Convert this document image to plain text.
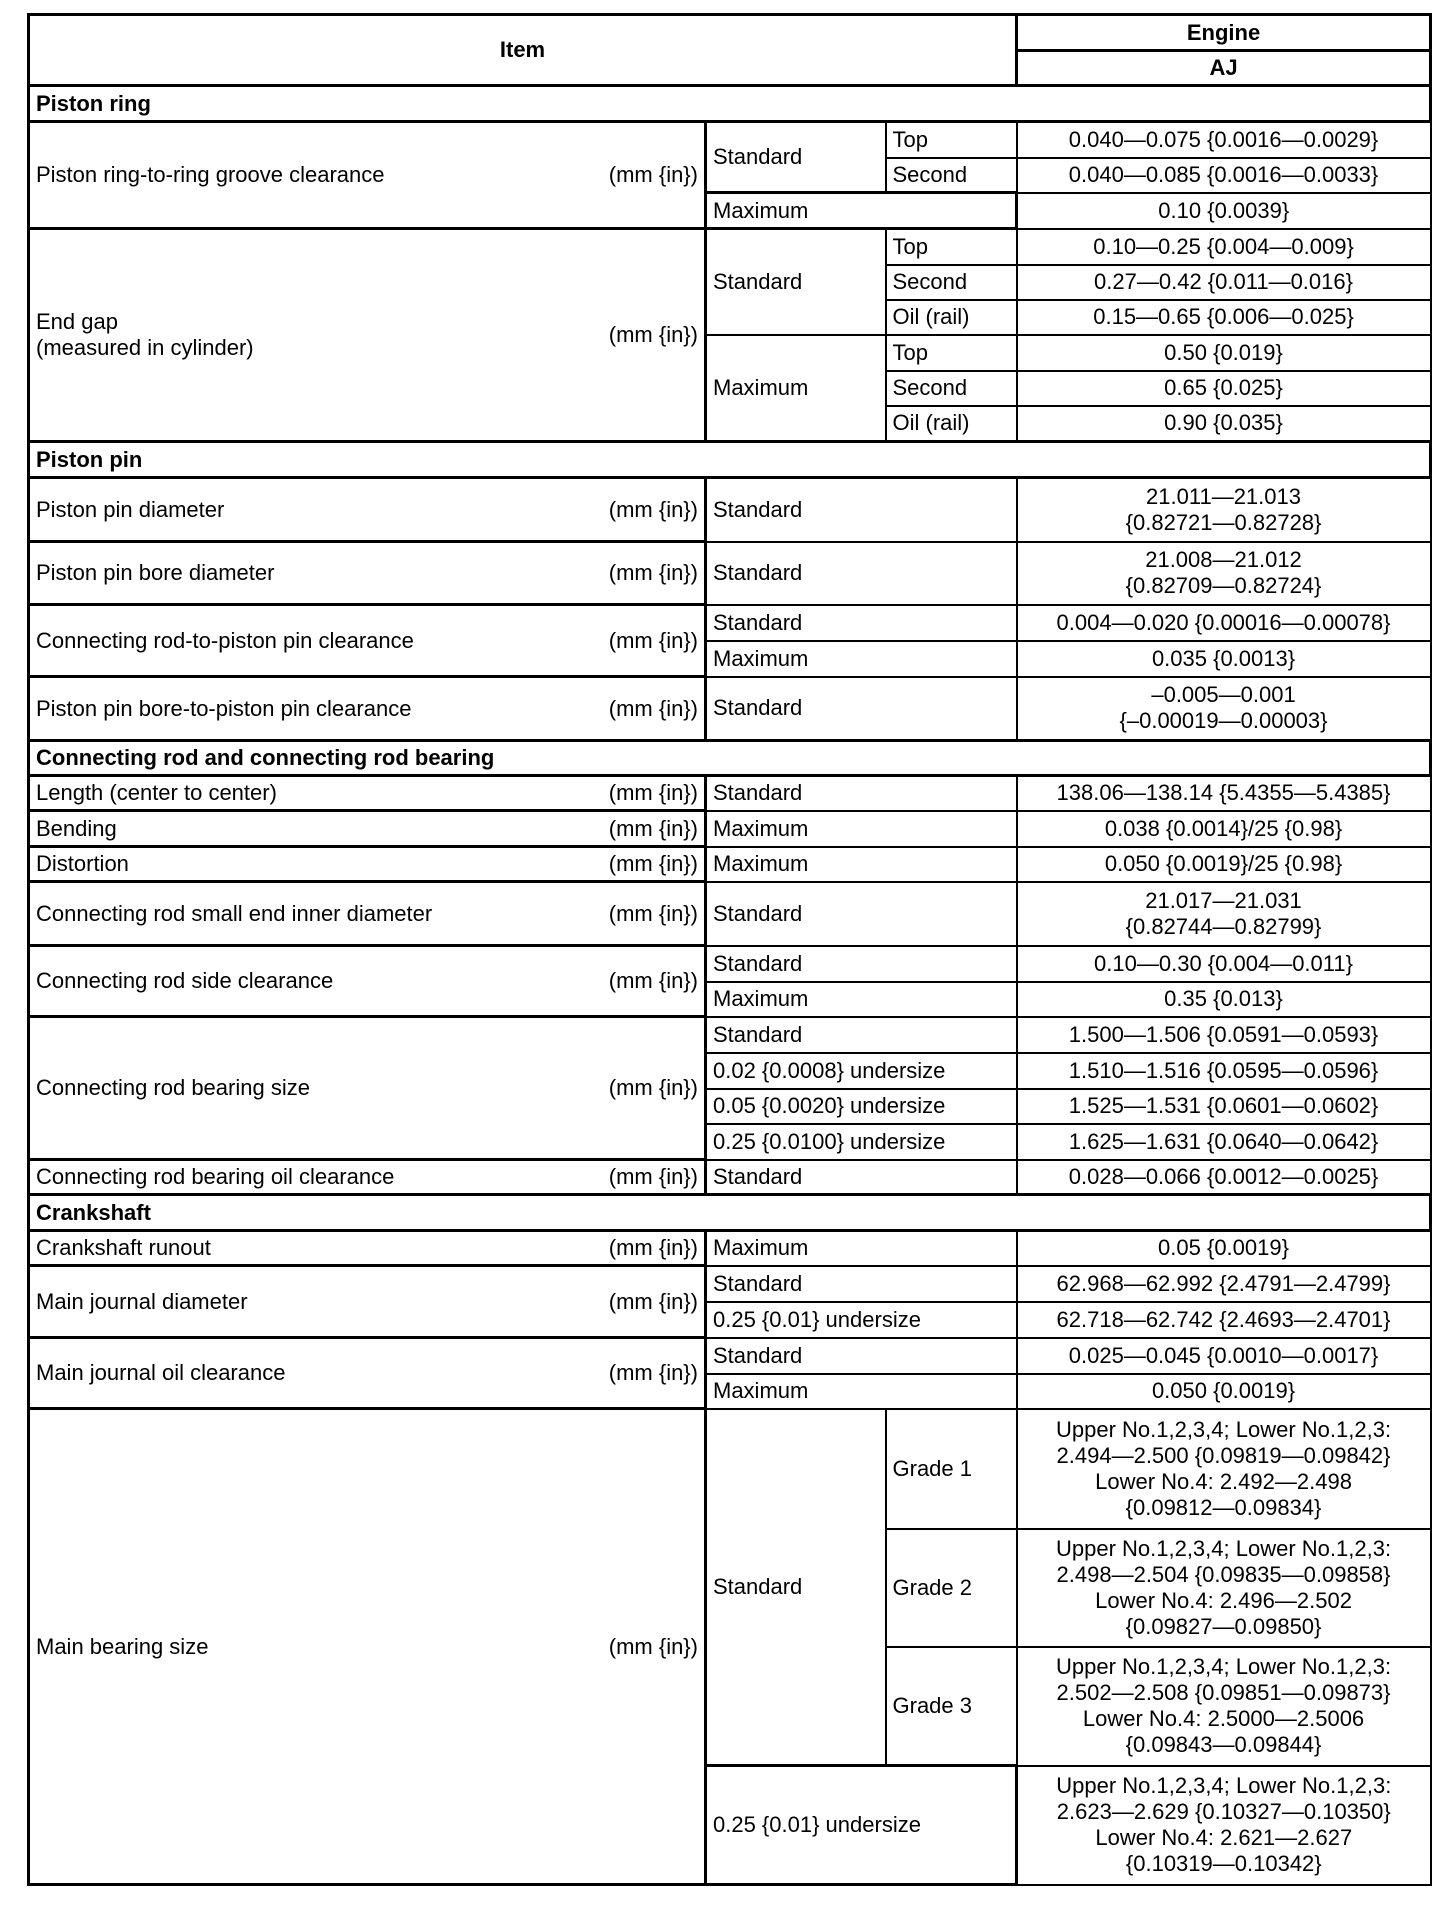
Item			Engine
			AJ
Piston ring			

Piston ring-to-ring groove clearance (mm {in})	Standard	Top	0.040—0.075 {0.0016—0.0029}
		Second	0.040—0.085 {0.0016—0.0033}
	Maximum		0.10 {0.0039}

End gap
(measured in cylinder)
(mm {in})	Standard	Top	0.10—0.25 {0.004—0.009}
		Second	0.27—0.42 {0.011—0.016}
		Oil (rail)	0.15—0.65 {0.006—0.025}
	Maximum	Top	0.50 {0.019}
		Second	0.65 {0.025}
		Oil (rail)	0.90 {0.035}
Piston pin			

Piston pin diameter (mm {in})	Standard		21.011—21.013
{0.82721—0.82728}

Piston pin bore diameter (mm {in})	Standard		21.008—21.012
{0.82709—0.82724}

Connecting rod-to-piston pin clearance (mm {in})	Standard		0.004—0.020 {0.00016—0.00078}
	Maximum		0.035 {0.0013}

Piston pin bore-to-piston pin clearance (mm {in})	Standard		–0.005—0.001
{–0.00019—0.00003}
Connecting rod and connecting rod bearing			

Length (center to center) (mm {in})	Standard		138.06—138.14 {5.4355—5.4385}

Bending (mm {in})	Maximum		0.038 {0.0014}/25 {0.98}

Distortion (mm {in})	Maximum		0.050 {0.0019}/25 {0.98}

Connecting rod small end inner diameter (mm {in})	Standard		21.017—21.031
{0.82744—0.82799}

Connecting rod side clearance (mm {in})	Standard		0.10—0.30 {0.004—0.011}
	Maximum		0.35 {0.013}

Connecting rod bearing size (mm {in})	Standard		1.500—1.506 {0.0591—0.0593}
	0.02 {0.0008} undersize		1.510—1.516 {0.0595—0.0596}
	0.05 {0.0020} undersize		1.525—1.531 {0.0601—0.0602}
	0.25 {0.0100} undersize		1.625—1.631 {0.0640—0.0642}

Connecting rod bearing oil clearance (mm {in})	Standard		0.028—0.066 {0.0012—0.0025}
Crankshaft			

Crankshaft runout (mm {in})	Maximum		0.05 {0.0019}

Main journal diameter (mm {in})	Standard		62.968—62.992 {2.4791—2.4799}
	0.25 {0.01} undersize		62.718—62.742 {2.4693—2.4701}

Main journal oil clearance (mm {in})	Standard		0.025—0.045 {0.0010—0.0017}
	Maximum		0.050 {0.0019}

Main bearing size (mm {in})	Standard	Grade 1	Upper No.1,2,3,4; Lower No.1,2,3:
2.494—2.500 {0.09819—0.09842}
Lower No.4: 2.492—2.498
{0.09812—0.09834}
		Grade 2	Upper No.1,2,3,4; Lower No.1,2,3:
2.498—2.504 {0.09835—0.09858}
Lower No.4: 2.496—2.502
{0.09827—0.09850}
		Grade 3	Upper No.1,2,3,4; Lower No.1,2,3:
2.502—2.508 {0.09851—0.09873}
Lower No.4: 2.5000—2.5006
{0.09843—0.09844}
	0.25 {0.01} undersize		Upper No.1,2,3,4; Lower No.1,2,3:
2.623—2.629 {0.10327—0.10350}
Lower No.4: 2.621—2.627
{0.10319—0.10342}
